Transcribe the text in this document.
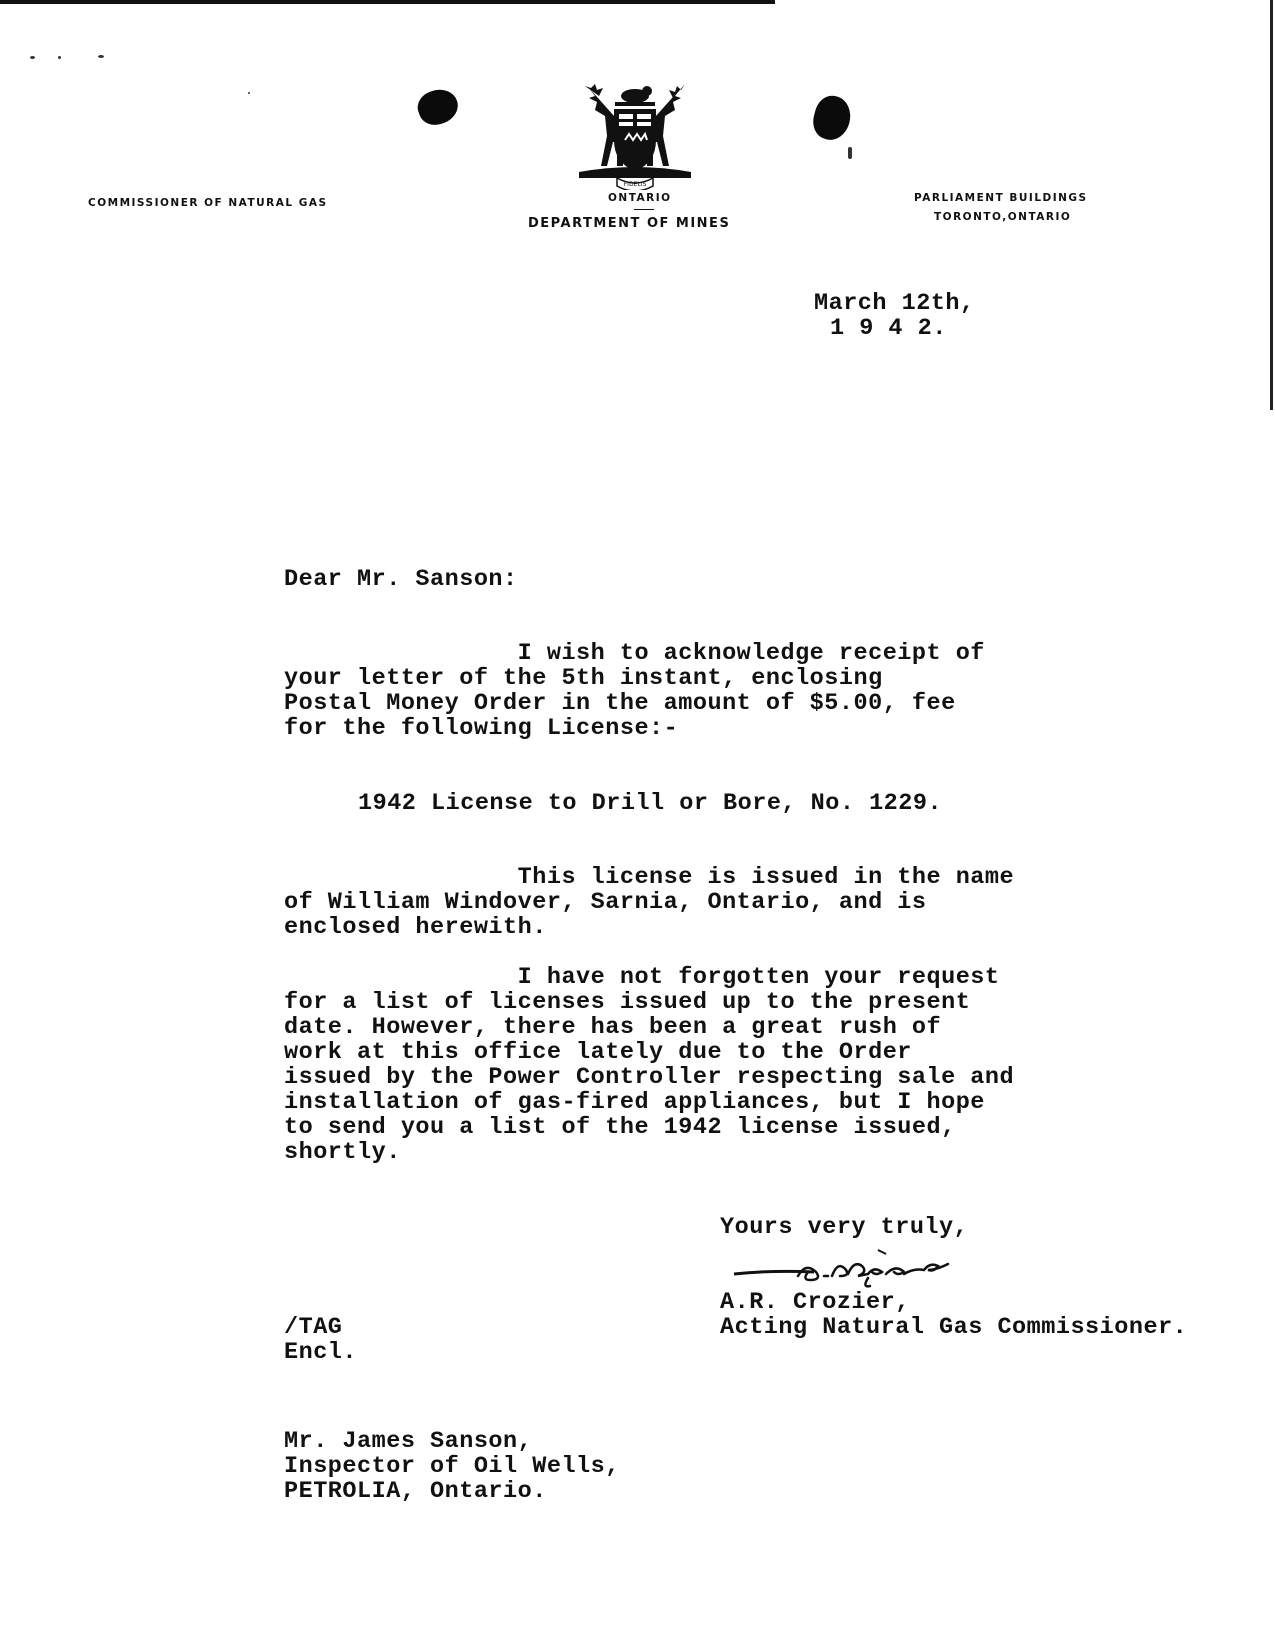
COMMISSIONER OF NATURAL GAS
FIDELIS
ONTARIO
DEPARTMENT OF MINES
PARLIAMENT BUILDINGS
TORONTO,ONTARIO
March 12th,
1 9 4 2.
Dear Mr. Sanson:
I wish to acknowledge receipt of
your letter of the 5th instant, enclosing
Postal Money Order in the amount of $5.00, fee
for the following License:-
1942 License to Drill or Bore, No. 1229.
This license is issued in the name
of William Windover, Sarnia, Ontario, and is
enclosed herewith.
I have not forgotten your request
for a list of licenses issued up to the present
date. However, there has been a great rush of
work at this office lately due to the Order
issued by the Power Controller respecting sale and
installation of gas-fired appliances, but I hope
to send you a list of the 1942 license issued,
shortly.
Yours very truly,
A.R. Crozier,
Acting Natural Gas Commissioner.
/TAG
Encl.
Mr. James Sanson,
Inspector of Oil Wells,
PETROLIA, Ontario.
